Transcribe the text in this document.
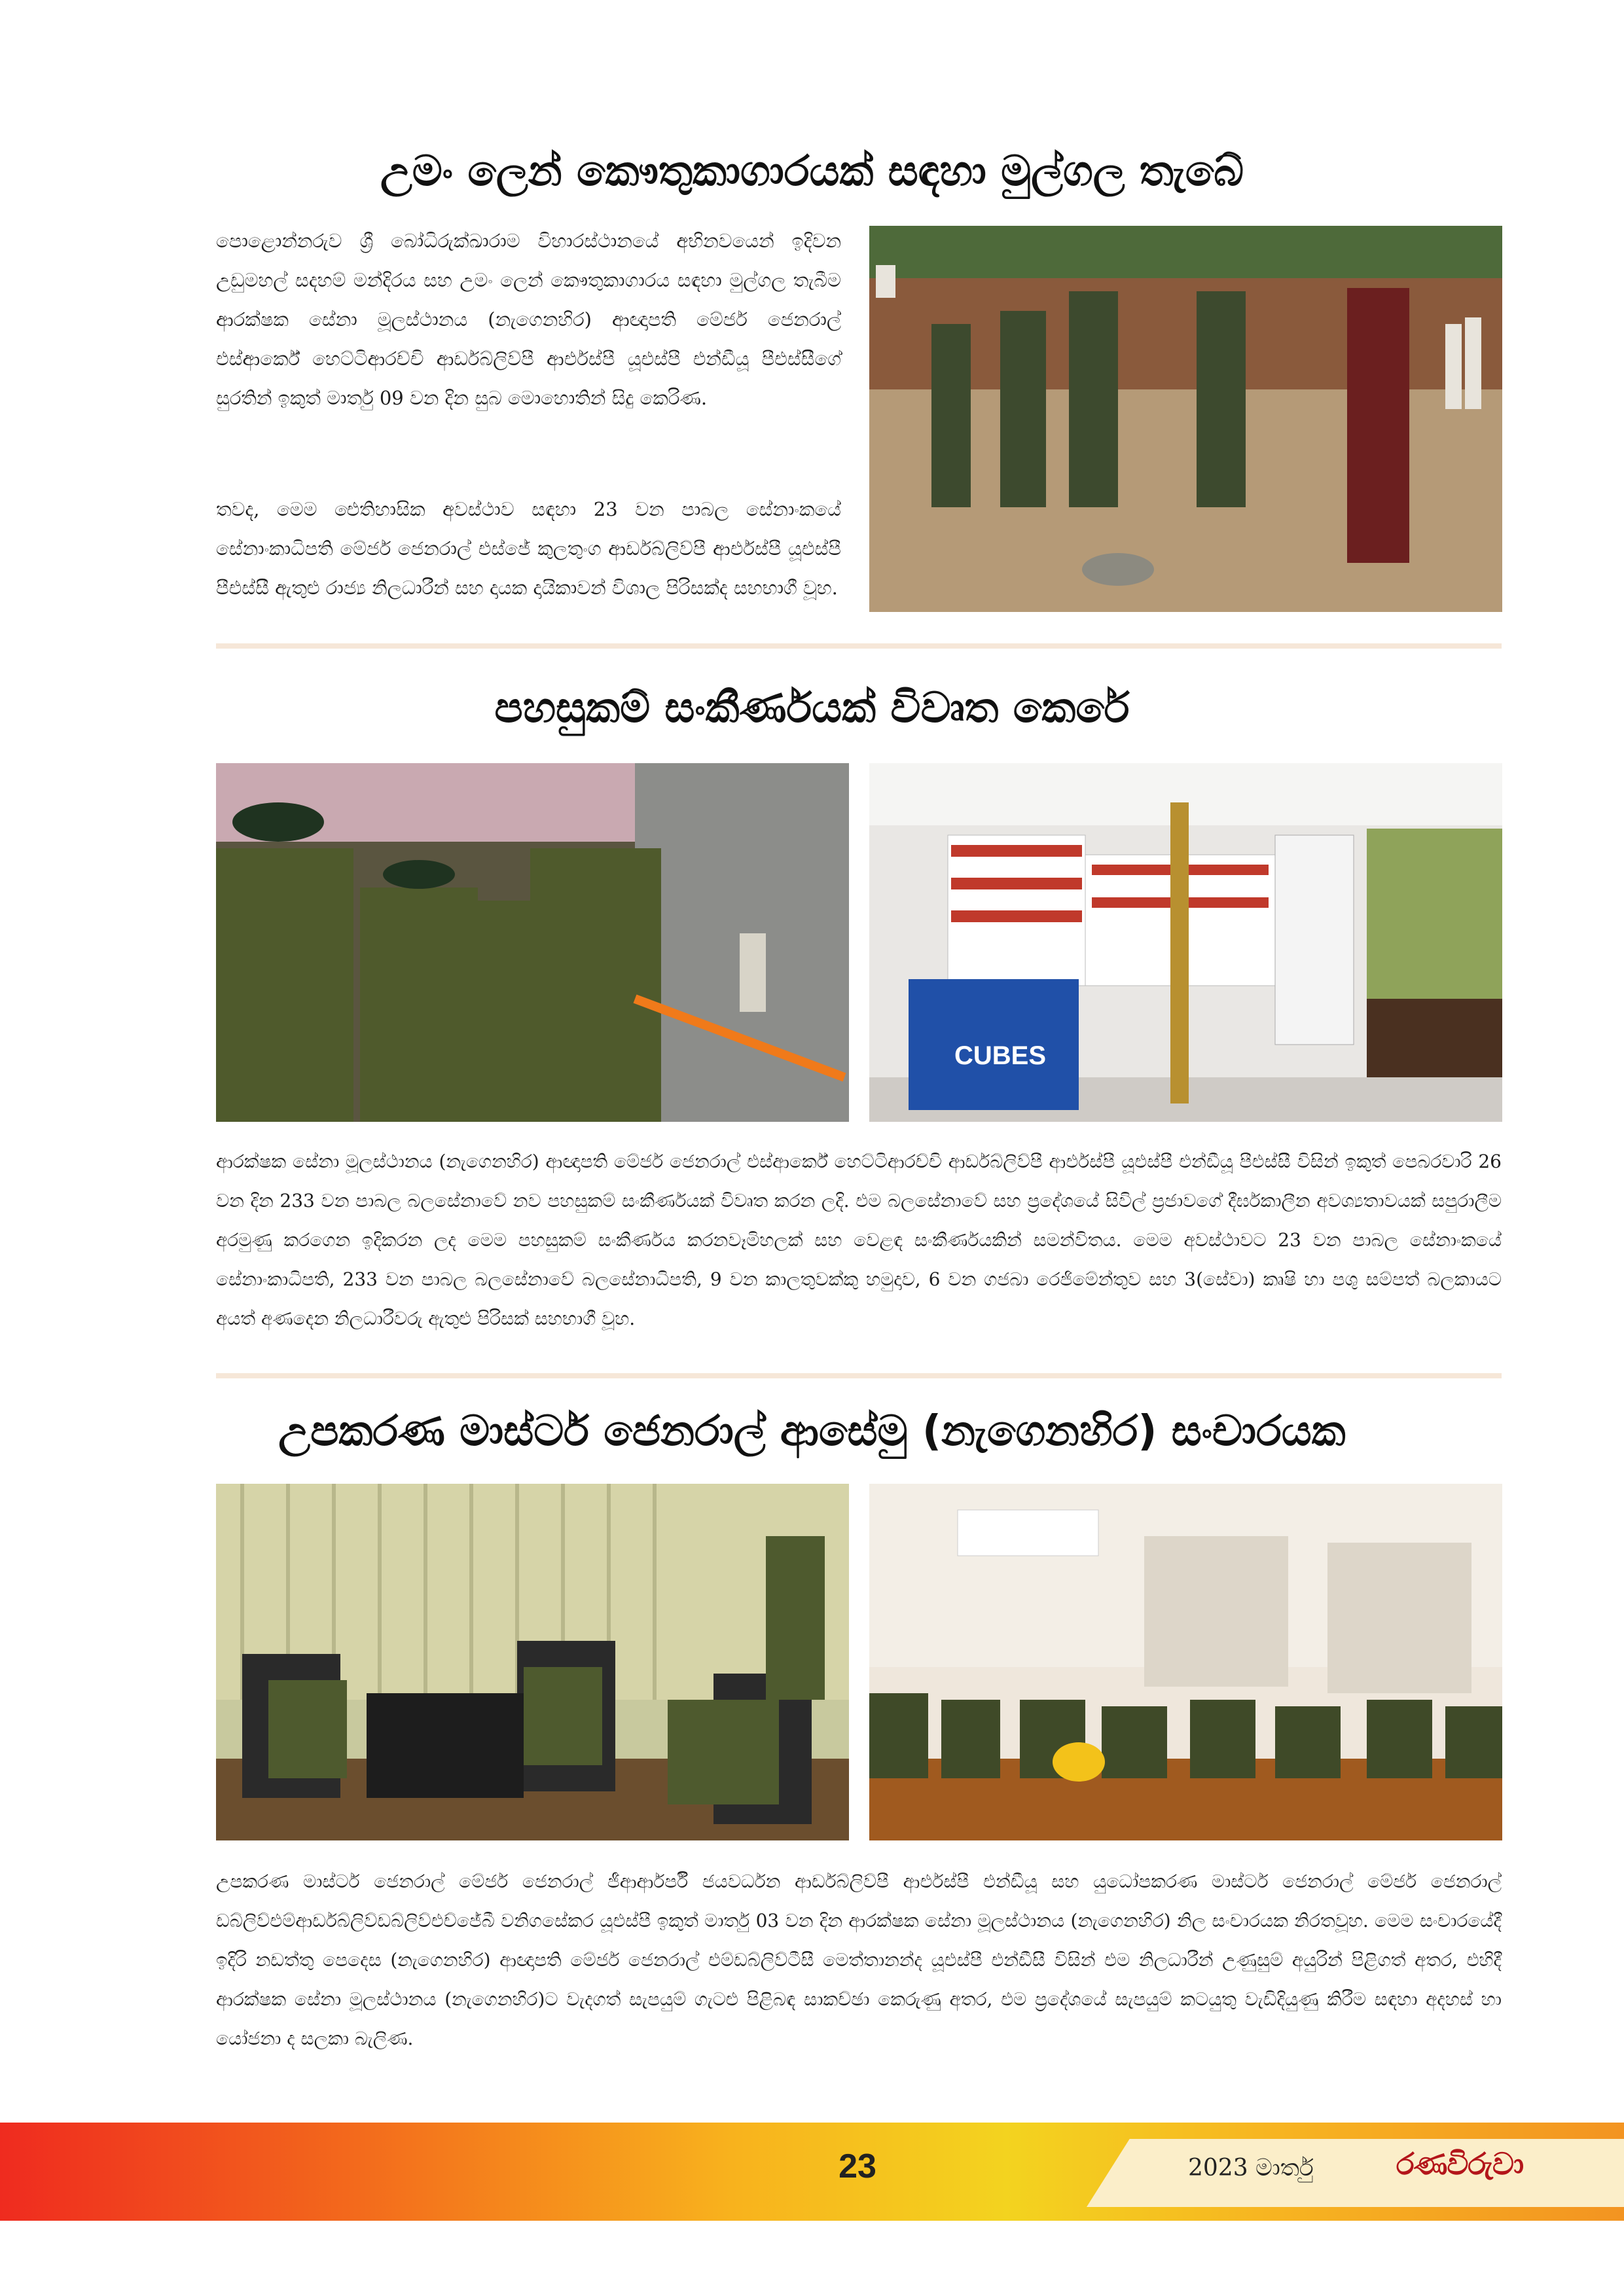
උමං ලෙන් කෞතුකාගාරයක් සඳහා මුල්ගල තැබේ

පොළොන්නරුව ශ්‍රී බෝධිරුක්ඛාරාම විහාරස්ථානයේ අභිනවයෙන් ඉදිවන උඩුමහල් සදහම් මන්දිරය සහ උමං ලෙන් කෞතුකාගාරය සඳහා මුල්ගල තැබීම ආරක්ෂක සේනා මූලස්ථානය (නැගෙනහිර) ආඥාපති මේජර් ජෙනරාල් එස්ආර්කේ හෙට්ටිආරච්චි ආර්ඩබ්ලිව්පී ආර්එස්පී යූඑස්පී එන්ඩීයූ පීඑස්සීගේ සුරතින් ඉකුත් මාර්තු 09 වන දින සුබ මොහොතින් සිදු කෙරිණ.

තවද, මෙම ඓතිහාසික අවස්ථාව සඳහා 23 වන පාබල සේනාංකයේ සේනාංකාධිපති මේජර් ජෙනරාල් එස්ජේ කුලතුංග ආර්ඩබ්ලිව්පී ආර්එස්පී යූඑස්පී පීඑස්සී ඇතුළු රාජ්‍ය නිලධාරීන් සහ දායක දායිකාවන් විශාල පිරිසක්ද සහභාගී වූහ.

පහසුකම් සංකීර්ණයක් විවෘත කෙරේ
CUBES

ආරක්ෂක සේනා මූලස්ථානය (නැගෙනහිර) ආඥාපති මේජර් ජෙනරාල් එස්ආර්කේ හෙට්ටිආරච්චි ආර්ඩබ්ලිව්පී ආර්එස්පී යූඑස්පී එන්ඩීයූ පීඑස්සී විසින් ඉකුත් පෙබරවාරි 26 වන දින 233 වන පාබල බලසේනාවේ නව පහසුකම් සංකීර්ණයක් විවෘත කරන ලදි. එම බලසේනාවේ සහ ප්‍රදේශයේ සිවිල් ප්‍රජාවගේ දීර්ඝකාලීන අවශ්‍යතාවයක් සපුරාලීම අරමුණු කරගෙන ඉදිකරන ලද මෙම පහසුකම් සංකීර්ණය කරනවෑමිහලක් සහ වෙළඳ සංකීර්ණයකින් සමන්විතය. මෙම අවස්ථාවට 23 වන පාබල සේනාංකයේ සේනාංකාධිපති, 233 වන පාබල බලසේනාවේ බලසේනාධිපති, 9 වන කාලතුවක්කු හමුදාව, 6 වන ගජබා රෙජිමේන්තුව සහ 3(සේවා) කෘෂි හා පශු සම්පත් බලකායට අයත් අණදෙන නිලධාරීවරු ඇතුළු පිරිසක් සහභාගී වූහ.

උපකරණ මාස්ටර් ජෙනරාල් ආසේමු (නැගෙනහිර) සංචාරයක

උපකරණ මාස්ටර් ජෙනරාල් මේජර් ජෙනරාල් ජීආර්ආර්පී ජයවර්ධන ආර්ඩබ්ලිව්පී ආර්එස්පී එන්ඩීයූ සහ යුධෝපකරණ මාස්ටර් ජෙනරාල් මේජර් ජෙනරාල් ඩබ්ලිව්එම්ආර්ඩබ්ලිව්ඩබ්ලිව්එච්ජේබී වනිගසේකර යූඑස්පී ඉකුත් මාර්තු 03 වන දින ආරක්ෂක සේනා මූලස්ථානය (නැගෙනහිර) නිල සංචාරයක නිරතවූහ. මෙම සංචාරයේදී ඉදිරි නඩත්තු පෙදෙස (නැගෙනහිර) ආඥාපති මේජර් ජෙනරාල් එම්ඩබ්ලිව්ටීසී මෙත්තානන්ද යූඑස්පී එන්ඩීසී විසින් එම නිලධාරීන් උණුසුම් අයුරින් පිළිගත් අතර, එහිදී ආරක්ෂක සේනා මූලස්ථානය (නැගෙනහිර)ට වැදගත් සැපයුම් ගැටළු පිළිබඳ සාකච්ඡා කෙරුණු අතර, එම ප්‍රදේශයේ සැපයුම් කටයුතු වැඩිදියුණු කිරීම සඳහා අදහස් හා යෝජනා ද සලකා බැලිණ.

23	2023 මාර්තු	රණවිරුවා
